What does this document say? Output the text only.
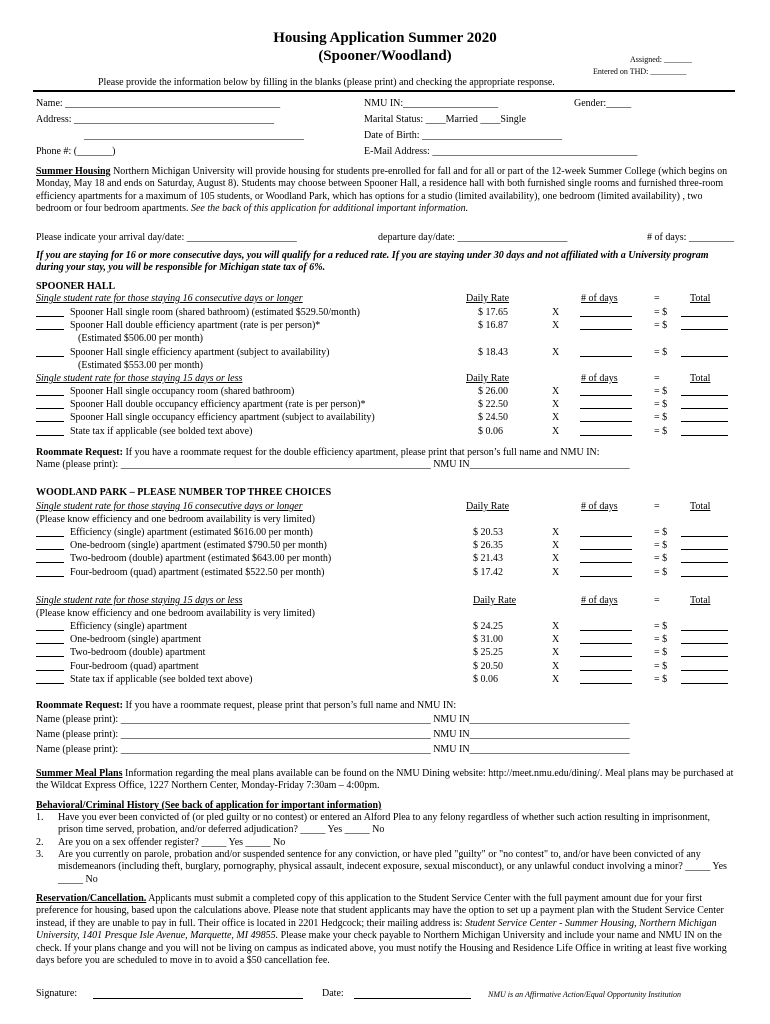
Housing Application Summer 2020
(Spooner/Woodland)	Assigned: _______
Entered on THD: _________
Please provide the information below by filling in the blanks (please print) and checking the appropriate response.
Name: ___________________________________________
Address: ________________________________________
____________________________________________
Phone #: (_______)
NMU IN:___________________	Gender:_____
Marital Status: ____Married ____Single
Date of Birth: ____________________________
E-Mail Address: _________________________________________
Summer Housing Northern Michigan University will provide housing for students pre-enrolled for fall and for all or part of the 12-week Summer College (which begins on Monday, May 18 and ends on Saturday, August 8). Students may choose between Spooner Hall, a residence hall with both furnished single rooms and furnished three-room efficiency apartments for a maximum of 105 students, or Woodland Park, which has options for a studio (limited availability), one bedroom (limited availability) , two bedroom or four bedroom apartments. See the back of this application for additional important information.
Please indicate your arrival day/date: ______________________	departure day/date: ______________________	# of days: _________
If you are staying for 16 or more consecutive days, you will qualify for a reduced rate. If you are staying under 30 days and not affiliated with a University program during your stay, you will be responsible for Michigan state tax of 6%.
SPOONER HALL
Single student rate for those staying 16 consecutive days or longer	Daily Rate	# of days	=	Total
Spooner Hall single room (shared bathroom) (estimated $529.50/month)	$ 17.65	X	= $
Spooner Hall double efficiency apartment (rate is per person)*	$ 16.87	X	= $
(Estimated $506.00 per month)
Spooner Hall single efficiency apartment (subject to availability)	$ 18.43	X	= $
(Estimated $553.00 per month)
Single student rate for those staying 15 days or less	Daily Rate	# of days	=	Total
Spooner Hall single occupancy room (shared bathroom)	$ 26.00	X	= $
Spooner Hall double occupancy efficiency apartment (rate is per person)*	$ 22.50	X	= $
Spooner Hall single occupancy efficiency apartment (subject to availability)	$ 24.50	X	= $
State tax if applicable (see bolded text above)	$ 0.06	X	= $
Roommate Request: If you have a roommate request for the double efficiency apartment, please print that person’s full name and NMU IN:
Name (please print): ______________________________________________________________ NMU IN________________________________
WOODLAND PARK – PLEASE NUMBER TOP THREE CHOICES
Single student rate for those staying 16 consecutive days or longer	Daily Rate	# of days	=	Total
(Please know efficiency and one bedroom availability is very limited)
Efficiency (single) apartment (estimated $616.00 per month)	$ 20.53	X	= $
One-bedroom (single) apartment (estimated $790.50 per month)	$ 26.35	X	= $
Two-bedroom (double) apartment (estimated $643.00 per month)	$ 21.43	X	= $
Four-bedroom (quad) apartment (estimated $522.50 per month)	$ 17.42	X	= $
Single student rate for those staying 15 days or less	Daily Rate	# of days	=	Total
(Please know efficiency and one bedroom availability is very limited)
Efficiency (single) apartment	$ 24.25	X	= $
One-bedroom (single) apartment	$ 31.00	X	= $
Two-bedroom (double) apartment	$ 25.25	X	= $
Four-bedroom (quad) apartment	$ 20.50	X	= $
State tax if applicable (see bolded text above)	$ 0.06	X	= $
Roommate Request: If you have a roommate request, please print that person’s full name and NMU IN:
Name (please print): ______________________________________________________________ NMU IN________________________________
Name (please print): ______________________________________________________________ NMU IN________________________________
Name (please print): ______________________________________________________________ NMU IN________________________________
Summer Meal Plans Information regarding the meal plans available can be found on the NMU Dining website: http://meet.nmu.edu/dining/. Meal plans may be purchased at the Wildcat Express Office, 1227 Northern Center, Monday-Friday 7:30am – 4:00pm.
Behavioral/Criminal History (See back of application for important information)
1. Have you ever been convicted of (or pled guilty or no contest) or entered an Alford Plea to any felony regardless of whether such action resulting in imprisonment, prison time served, probation, and/or deferred adjudication? _____ Yes _____ No
2. Are you on a sex offender register? _____ Yes _____ No
3. Are you currently on parole, probation and/or suspended sentence for any conviction, or have pled "guilty" or "no contest" to, and/or have been convicted of any misdemeanors (including theft, burglary, pornography, physical assault, indecent exposure, sexual misconduct), or any unlawful conduct involving a minor? _____ Yes _____ No
Reservation/Cancellation. Applicants must submit a completed copy of this application to the Student Service Center with the full payment amount due for your first preference for housing, based upon the calculations above. Please note that student applicants may have the option to set up a payment plan with the Student Service Center instead, if they are unable to pay in full. Their office is located in 2201 Hedgcock; their mailing address is: Student Service Center - Summer Housing, Northern Michigan University, 1401 Presque Isle Avenue, Marquette, MI 49855. Please make your check payable to Northern Michigan University and include your name and NMU IN on the check. If your plans change and you will not be living on campus as indicated above, you must notify the Housing and Residence Life Office in writing at least five working days before you are scheduled to move in to avoid a $50 cancellation fee.
Signature:	Date:	NMU is an Affirmative Action/Equal Opportunity Institution
